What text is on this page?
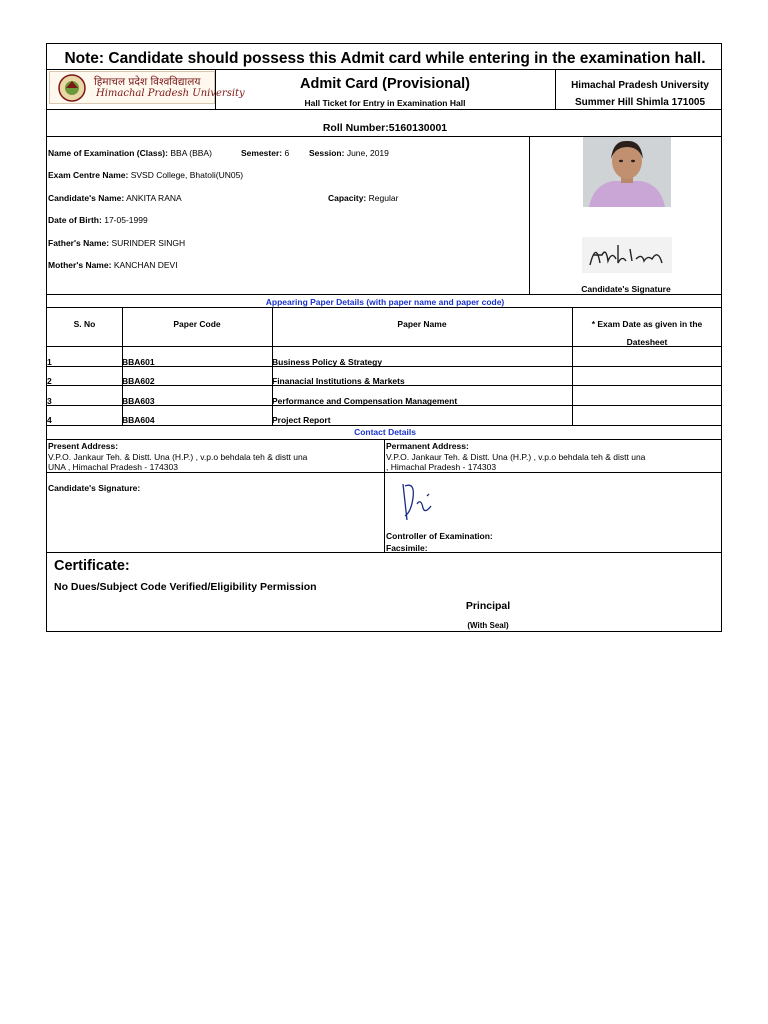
Note: Candidate should possess this Admit card while entering in the examination hall.
हिमाचल प्रदेश विश्वविद्यालय
Himachal Pradesh University
Admit Card (Provisional)
Hall Ticket for Entry in Examination Hall
Himachal Pradesh University
Summer Hill Shimla 171005
Roll Number:5160130001
Name of Examination (Class): BBA (BBA)	Semester: 6 Session: June, 2019
Exam Centre Name: SVSD College, Bhatoli(UN05)
Candidate's Name: ANKITA RANA	Capacity: Regular
Date of Birth: 17-05-1999
Father's Name: SURINDER SINGH
Mother's Name: KANCHAN DEVI
Candidate's Signature
Appearing Paper Details (with paper name and paper code)
S. No	Paper Code	Paper Name	* Exam Date as given in the
Datesheet
1	BBA601	Business Policy & Strategy
2	BBA602	Finanacial Institutions & Markets
3	BBA603	Performance and Compensation Management
4	BBA604	Project Report
Contact Details
Present Address:
V.P.O. Jankaur Teh. & Distt. Una (H.P.) , v.p.o behdala teh & distt una
UNA , Himachal Pradesh - 174303
Permanent Address:
V.P.O. Jankaur Teh. & Distt. Una (H.P.) , v.p.o behdala teh & distt una
, Himachal Pradesh - 174303
Candidate's Signature:
Controller of Examination:
Facsimile:
Certificate:
No Dues/Subject Code Verified/Eligibility Permission
Principal
(With Seal)
